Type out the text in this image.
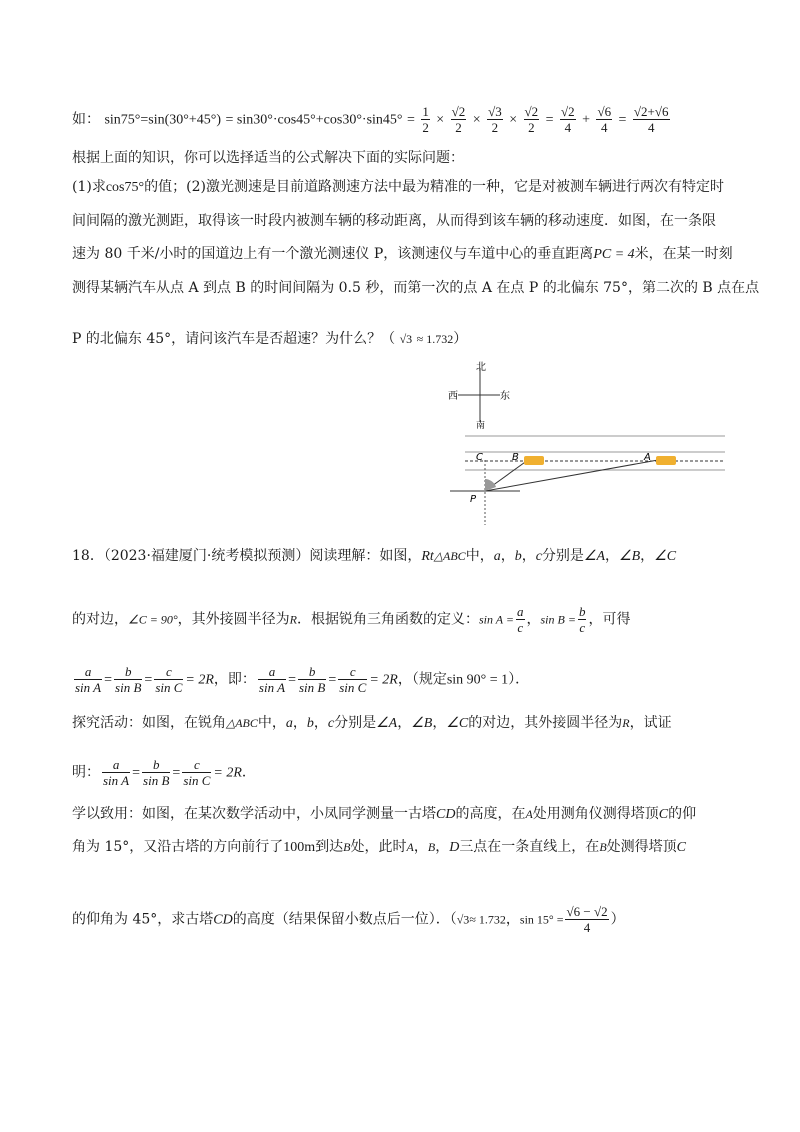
如： $\sin 75^\circ=\sin(30^\circ+45^\circ) = \sin 30^\circ\cdot\cos 45^\circ+\cos 30^\circ\cdot\sin 45^\circ = \frac{1}{2} \times \frac{√2}{2} \times \frac{√3}{2} \times \frac{√2}{2} = \frac{√2}{4} + \frac{√6}{4} = \frac{√2+√6}{4}$
根据上面的知识，你可以选择适当的公式解决下面的实际问题：
(1)求cos75°的值；(2)激光测速是目前道路测速方法中最为精准的一种，它是对被测车辆进行两次有特定时
间间隔的激光测距，取得该一时段内被测车辆的移动距离，从而得到该车辆的移动速度．如图，在一条限
速为 80 千米/小时的国道边上有一个激光测速仪 P，该测速仪与车道中心的垂直距离PC = 4米，在某一时刻
测得某辆汽车从点 A 到点 B 的时间间隔为 0.5 秒，而第一次的点 A 在点 P 的北偏东 75°，第二次的 B 点在点
P 的北偏东 45°，请问该汽车是否超速？为什么？（ √3 ≈ 1.732）
北
南
西	东
C	B	A
P
18．（2023·福建厦门·统考模拟预测）阅读理解：如图，Rt△ABC中，a，b，c分别是∠A，∠B，∠C
的对边，∠C = 90°，其外接圆半径为R．根据锐角三角函数的定义：$\sin A = \frac{a}{c}$ ，$\sin B = \frac{b}{c}$ ，可得
$\frac{a}{\text{sin A}} = \frac{b}{\text{sin B}} = \frac{c}{\text{sin C}} = 2R$，即： $\frac{a}{\text{sin A}} = \frac{b}{\text{sin B}} = \frac{c}{\text{sin C}} = 2R$，（规定sin 90° = 1）．
探究活动：如图，在锐角△ABC中，a，b，c分别是∠A，∠B，∠C的对边，其外接圆半径为R，试证
明： $\frac{a}{\text{sin A}} = \frac{b}{\text{sin B}} = \frac{c}{\text{sin C}} = 2R$．
学以致用：如图，在某次数学活动中，小凤同学测量一古塔CD的高度，在A处用测角仪测得塔顶C的仰
角为 15°，又沿古塔的方向前行了100m到达B处，此时A，B，D三点在一条直线上，在B处测得塔顶C
的仰角为 45°，求古塔CD的高度（结果保留小数点后一位）．（√3≈ 1.732，$\sin 15^\circ = \frac{√6 - √2}{4}$ ）
